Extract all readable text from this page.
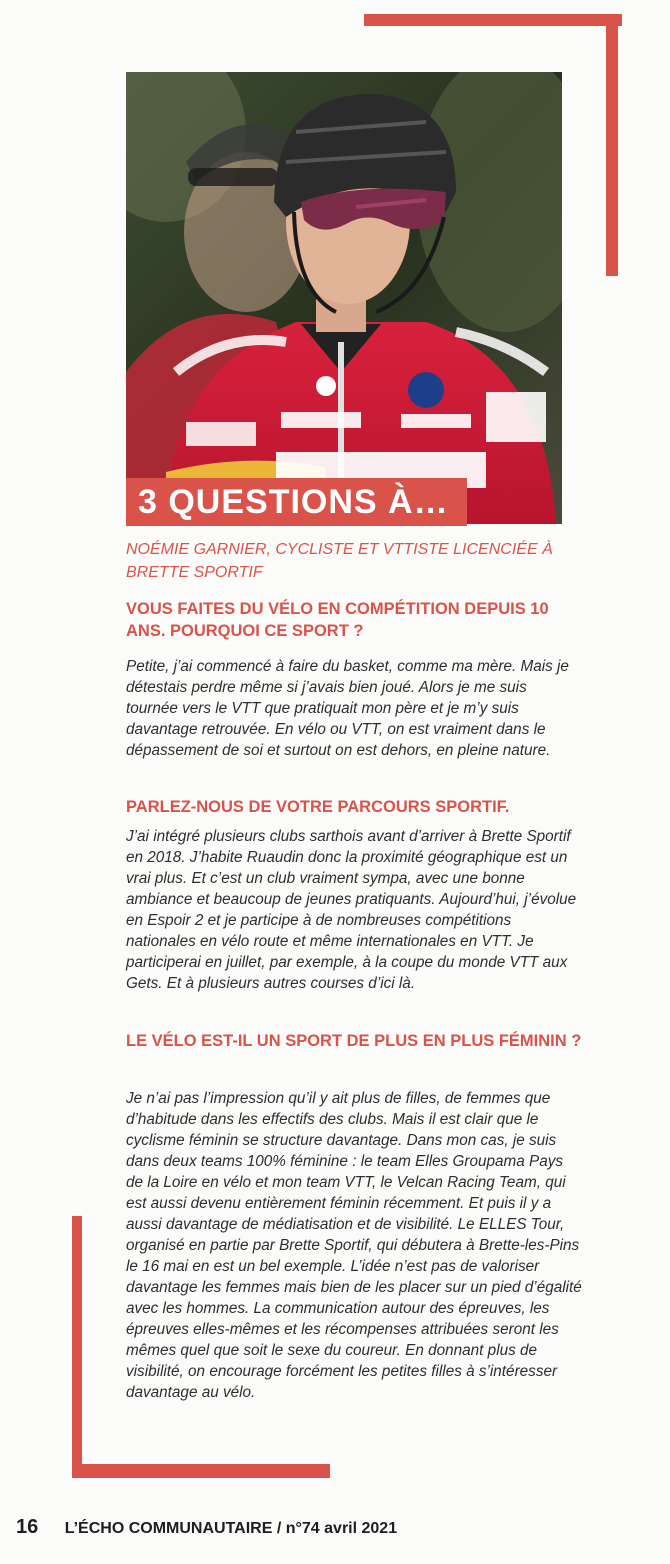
3 QUESTIONS À…
NOÉMIE GARNIER, CYCLISTE ET VTTISTE LICENCIÉE À BRETTE SPORTIF
VOUS FAITES DU VÉLO EN COMPÉTITION DEPUIS 10 ANS. POURQUOI CE SPORT ?
Petite, j’ai commencé à faire du basket, comme ma mère. Mais je détestais perdre même si j’avais bien joué. Alors je me suis tournée vers le VTT que pratiquait mon père et je m’y suis davantage retrouvée. En vélo ou VTT, on est vraiment dans le dépassement de soi et surtout on est dehors, en pleine nature.
PARLEZ-NOUS DE VOTRE PARCOURS SPORTIF.
J’ai intégré plusieurs clubs sarthois avant d’arriver à Brette Sportif en 2018. J’habite Ruaudin donc la proximité géographique est un vrai plus. Et c’est un club vraiment sympa, avec une bonne ambiance et beaucoup de jeunes pratiquants. Aujourd’hui, j’évolue en Espoir 2 et je participe à de nombreuses compétitions nationales en vélo route et même internationales en VTT. Je participerai en juillet, par exemple, à la coupe du monde VTT aux Gets. Et à plusieurs autres courses d’ici là.
LE VÉLO EST-IL UN SPORT DE PLUS EN PLUS FÉMININ ?
Je n’ai pas l’impression qu’il y ait plus de filles, de femmes que d’habitude dans les effectifs des clubs. Mais il est clair que le cyclisme féminin se structure davantage. Dans mon cas, je suis dans deux teams 100% féminine : le team Elles Groupama Pays de la Loire en vélo et mon team VTT, le Velcan Racing Team, qui est aussi devenu entièrement féminin récemment. Et puis il y a aussi davantage de médiatisation et de visibilité. Le ELLES Tour, organisé en partie par Brette Sportif, qui débutera à Brette-les-Pins le 16 mai en est un bel exemple. L’idée n’est pas de valoriser davantage les femmes mais bien de les placer sur un pied d’égalité avec les hommes. La communication autour des épreuves, les épreuves elles-mêmes et les récompenses attribuées seront les mêmes quel que soit le sexe du coureur. En donnant plus de visibilité, on encourage forcément les petites filles à s’intéresser davantage au vélo.
16 L’ÉCHO COMMUNAUTAIRE / n°74 avril 2021
